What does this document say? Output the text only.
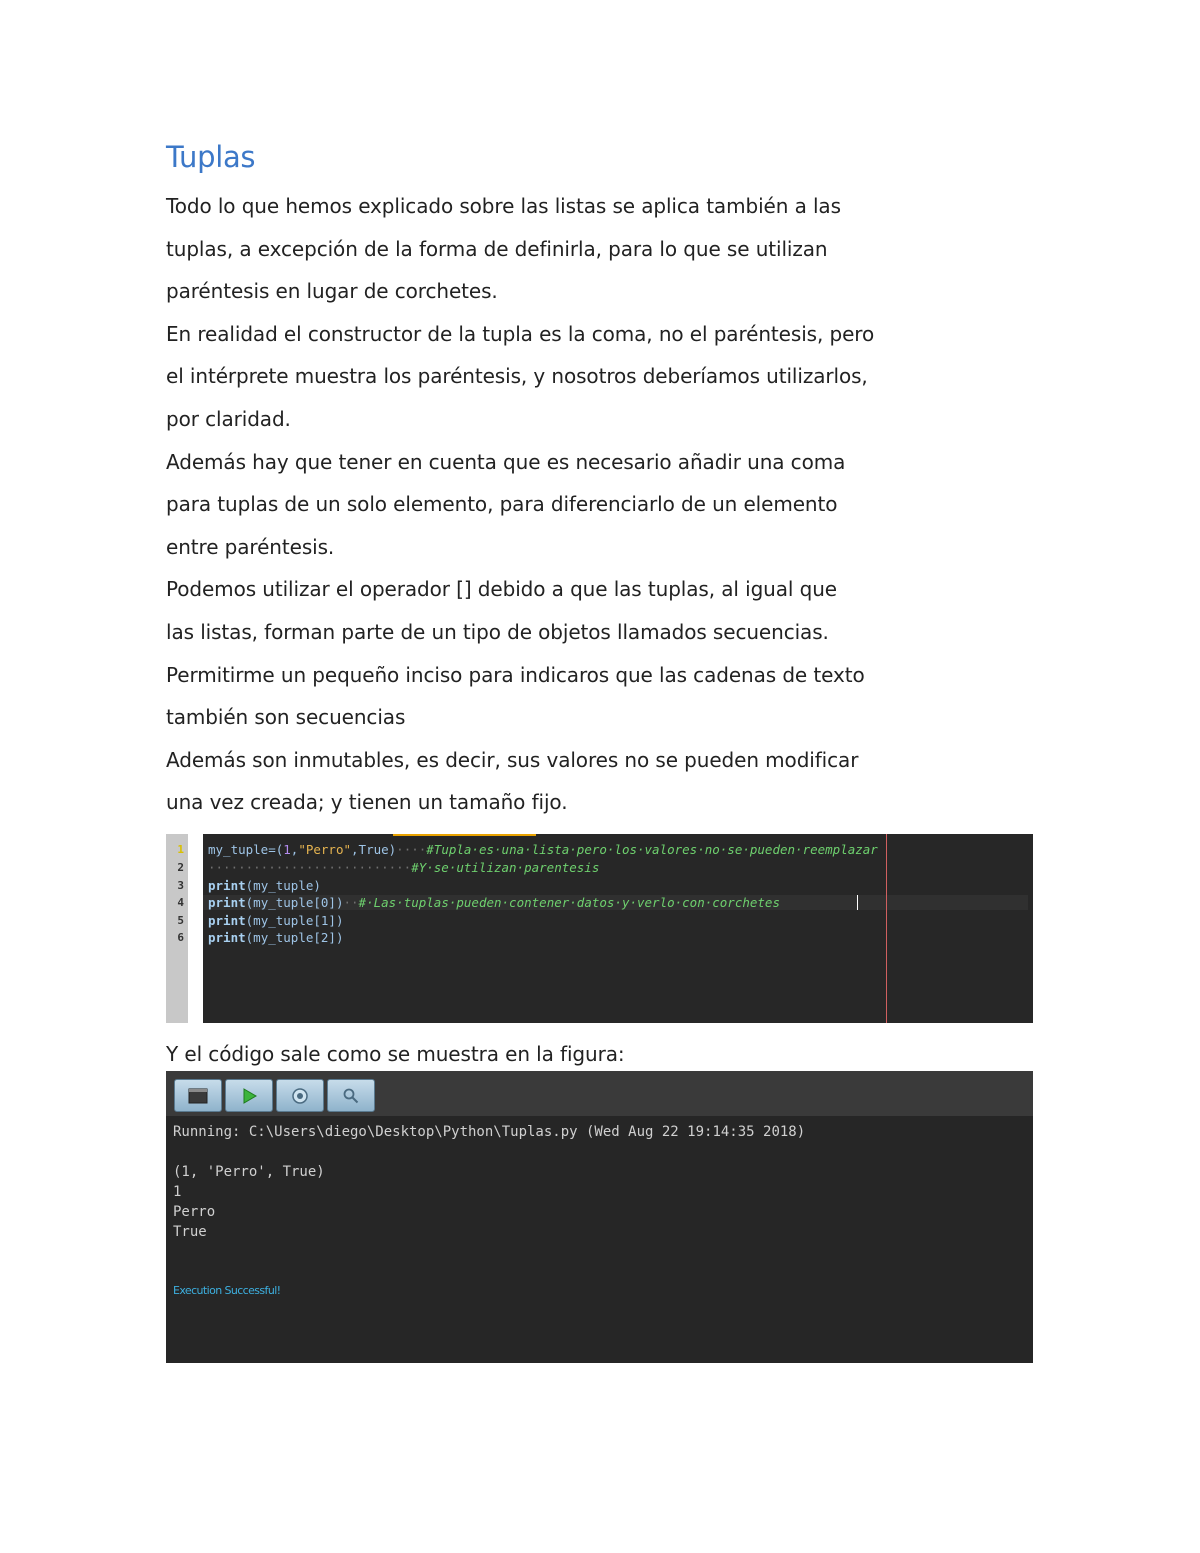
Tuplas
Todo lo que hemos explicado sobre las listas se aplica también a las
tuplas, a excepción de la forma de definirla, para lo que se utilizan
paréntesis en lugar de corchetes.
En realidad el constructor de la tupla es la coma, no el paréntesis, pero
el intérprete muestra los paréntesis, y nosotros deberíamos utilizarlos,
por claridad.
Además hay que tener en cuenta que es necesario añadir una coma
para tuplas de un solo elemento, para diferenciarlo de un elemento
entre paréntesis.
Podemos utilizar el operador [] debido a que las tuplas, al igual que
las listas, forman parte de un tipo de objetos llamados secuencias.
Permitirme un pequeño inciso para indicaros que las cadenas de texto
también son secuencias
Además son inmutables, es decir, sus valores no se pueden modificar
una vez creada; y tienen un tamaño fijo.
1
2
3
4
5
6
my_tuple=(1,"Perro",True)····#Tupla·es·una·lista·pero·los·valores·no·se·pueden·reemplazar
···························#Y·se·utilizan·parentesis
print(my_tuple)
print(my_tuple[0])··#·Las·tuplas·pueden·contener·datos·y·verlo·con·corchetes
print(my_tuple[1])
print(my_tuple[2])
Y el código sale como se muestra en la figura:
Running: C:\Users\diego\Desktop\Python\Tuplas.py (Wed Aug 22 19:14:35 2018)
(1, 'Perro', True)
1
Perro
True
Execution Successful!
